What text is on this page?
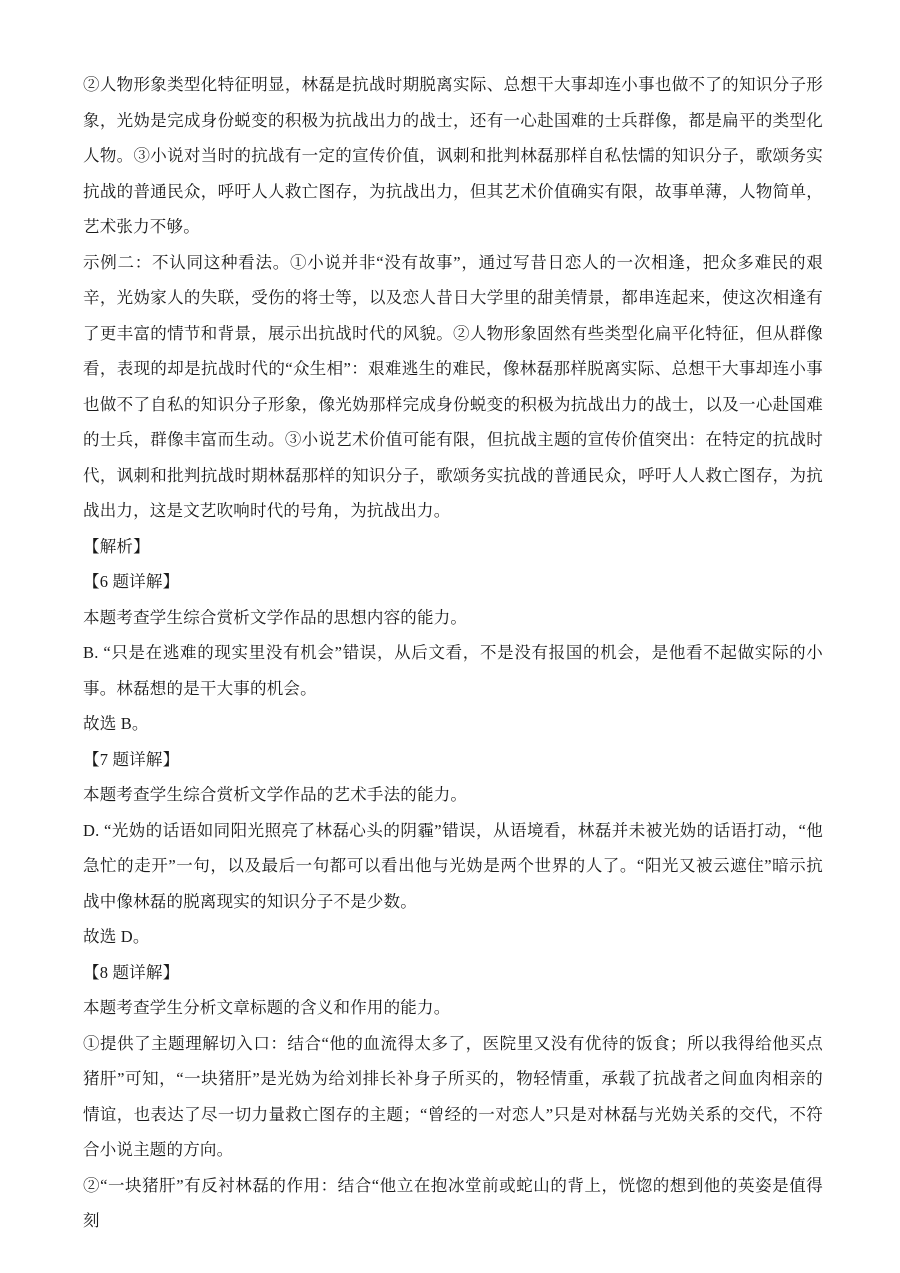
②人物形象类型化特征明显，林磊是抗战时期脱离实际、总想干大事却连小事也做不了的知识分子形象，光妫是完成身份蜕变的积极为抗战出力的战士，还有一心赴国难的士兵群像，都是扁平的类型化人物。③小说对当时的抗战有一定的宣传价值，讽刺和批判林磊那样自私怯懦的知识分子，歌颂务实抗战的普通民众，呼吁人人救亡图存，为抗战出力，但其艺术价值确实有限，故事单薄，人物简单，艺术张力不够。

示例二：不认同这种看法。①小说并非“没有故事”，通过写昔日恋人的一次相逢，把众多难民的艰辛，光妫家人的失联，受伤的将士等，以及恋人昔日大学里的甜美情景，都串连起来，使这次相逢有了更丰富的情节和背景，展示出抗战时代的风貌。②人物形象固然有些类型化扁平化特征，但从群像看，表现的却是抗战时代的“众生相”：艰难逃生的难民，像林磊那样脱离实际、总想干大事却连小事也做不了自私的知识分子形象，像光妫那样完成身份蜕变的积极为抗战出力的战士，以及一心赴国难的士兵，群像丰富而生动。③小说艺术价值可能有限，但抗战主题的宣传价值突出：在特定的抗战时代，讽刺和批判抗战时期林磊那样的知识分子，歌颂务实抗战的普通民众，呼吁人人救亡图存，为抗战出力，这是文艺吹响时代的号角，为抗战出力。

【解析】

【6 题详解】

本题考查学生综合赏析文学作品的思想内容的能力。

B. “只是在逃难的现实里没有机会”错误，从后文看，不是没有报国的机会，是他看不起做实际的小事。林磊想的是干大事的机会。

故选 B。

【7 题详解】

本题考查学生综合赏析文学作品的艺术手法的能力。

D. “光妫的话语如同阳光照亮了林磊心头的阴霾”错误，从语境看，林磊并未被光妫的话语打动，“他急忙的走开”一句，以及最后一句都可以看出他与光妫是两个世界的人了。“阳光又被云遮住”暗示抗战中像林磊的脱离现实的知识分子不是少数。

故选 D。

【8 题详解】

本题考查学生分析文章标题的含义和作用的能力。

①提供了主题理解切入口：结合“他的血流得太多了，医院里又没有优待的饭食；所以我得给他买点猪肝”可知，“一块猪肝”是光妫为给刘排长补身子所买的，物轻情重，承载了抗战者之间血肉相亲的情谊，也表达了尽一切力量救亡图存的主题；“曾经的一对恋人”只是对林磊与光妫关系的交代，不符合小说主题的方向。

②“一块猪肝”有反衬林磊的作用：结合“他立在抱冰堂前或蛇山的背上，恍惚的想到他的英姿是值得刻
